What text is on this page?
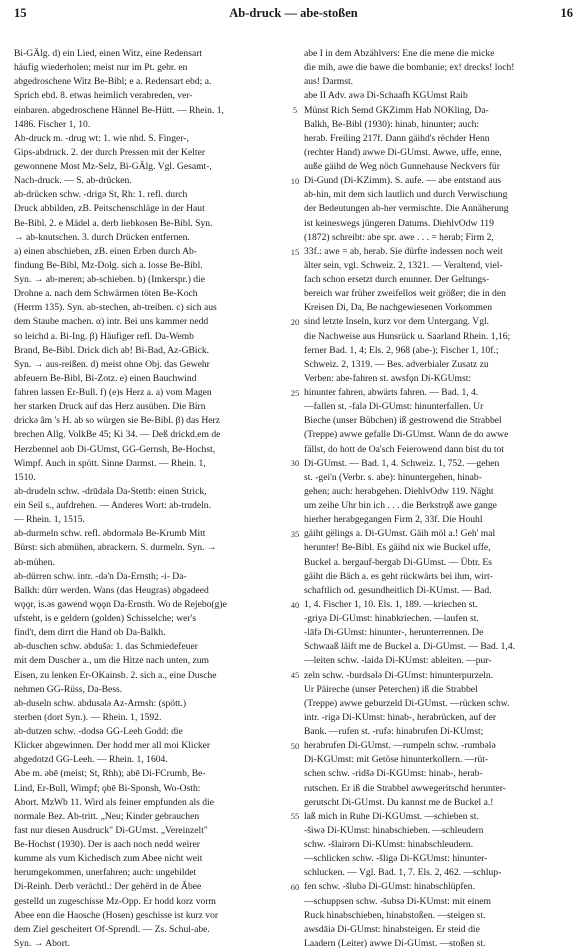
15	Ab-druck — abe-stoßen	16
Bi-GÄlg. d) ein Lied, einen Witz, eine Redensart
häufig wiederholen; meist nur im Pt. gebr. en
abgedroschene Witz Be-Bibl; e a. Redensart ebd; a.
Sprich ebd. 8. etwas heimlich verabreden, ver-
einbaren. abgedroschene Hännel Be-Hütt. — Rhein. 1,
1486. Fischer 1, 10.
Ab-druck m. -drug wt: 1. wie nhd. S. Finger-,
Gips-abdruck. 2. der durch Pressen mit der Kelter
gewonnene Most Mz-Selz, Bi-GÄlg. Vgl. Gesamt-,
Nach-druck. — S. ab-drücken.
ab-drücken schw. -drigə St, Rh: 1. refl. durch
Druck abbilden, zB. Peitschenschläge in der Haut
Be-Bibl. 2. e Mädel a. derb liebkosen Be-Bibl. Syn.
→ ab-knutschen. 3. durch Drücken entfernen.
a) einen abschieben, zB. einen Erben durch Ab-
findung Be-Bibl, Mz-Dolg. sich a. losse Be-Bibl.
Syn. → ab-meren; ab-schieben. b) (Imkerspr.) die
Drohne a. nach dem Schwärmen töten Be-Koch
(Herrm 135). Syn. ab-stechen, ab-treiben. c) sich aus
dem Staube machen. α) intr. Bei uns kammer nedd
so leichd a. Bi-Ing. β) Häufiger refl. Da-Wemb
Brand, Be-Bibl. Drick dich ab! Bi-Bad, Az-GBick.
Syn. → aus-reißen. d) meist ohne Obj. das Gewehr
abfeuern Be-Bibl, Bi-Zotz. e) einen Bauchwind
fahren lassen Er-Bull. f) (e)s Herz a. a) vom Magen
her starken Druck auf das Herz ausüben. Die Birn
drickə âm 's H. ab so würgen sie Be-Bibl. β) das Herz
brechen Allg. VolkBe 45; Ki 34. — Deß drickd.em de
Herzbennel aob Di-GUmst, GG-Gernsh, Be-Hochst,
Wimpf. Auch in spött. Sinne Darmst. — Rhein. 1,
1510.
ab-drudeln schw. -drūdələ Da-Stettb: einen Strick,
ein Seil s., aufdrehen. — Anderes Wort: ab-trudeln.
— Rhein. 1, 1515.
ab-durmeln schw. refl. əbdormələ Be-Krumb Mitt
Bürst: sich abmühen, abrackern. S. durmeln. Syn. →
ab-mühen.
ab-dürren schw. intr. -də'n Da-Ernsth; -i- Da-
Balkh: dürr werden. Wans (das Heugras) əbgədeed
wǫǫr, is.əs gəwend wǫǫn Da-Ernsth. Wo de Rejebo(g)e
ufsteht, is e geldern (golden) Schisselche; wer's
find't, dem dirrt die Hand ob Da-Balkh.
ab-duschen schw. əbdušə: 1. das Schmiedefeuer
mit dem Duscher a., um die Hitze nach unten, zum
Eisen, zu lenken Er-OKainsb. 2. sich a., eine Dusche
nehmen GG-Rüss, Da-Bess.
ab-duseln schw. abdusələ Az-Armsh: (spött.)
sterben (dort Syn.). — Rhein. 1, 1592.
ab-dutzen schw. -dodsə GG-Leeh Godd: die
Klicker abgewinnen. Der hodd mer all moi Klicker
abgedotzd GG-Leeh. — Rhein. 1, 1604.
Abe m. əbē (meist; St, Rhh); abē Di-FCrumb, Be-
Lind, Er-Bull, Wimpf; ǫbē Bi-Sponsh, Wo-Osth:
Abort. MzWb 11. Wird als feiner empfunden als die
normale Bez. Ab-tritt. „Neu; Kinder gebrauchen
fast nur diesen Ausdruck" Di-GUmst. „Vereinzelt"
Be-Hochst (1930). Der is aach noch nedd weirer
kumme als vum Kichedisch zum Abee nicht weit
herumgekommen, unerfahren; auch: ungebildet
Di-Reinh. Derb verächtl.: Der gehërd in de Ābee
gestelld un zugeschisse Mz-Opp. Er hodd korz vorm
Abee enn die Haosche (Hosen) geschisse ist kurz vor
dem Ziel gescheitert Of-Sprendl. — Zs. Schul-abe.
Syn. → Abort.
5
10
15
20
25
30
35
40
45
50
55
60
abe I in dem Abzählvers: Ene die mene die micke
die mih, awe die bawe die bombanie; ex! drecks! loch!
aus! Darmst.
abe II Adv. awə Di-Schaafh KGUmst Raib
Münst Rich Semd GKZimm Hab NOKling, Da-
Balkh, Be-Bibl (1930): hinab, hinunter; auch:
herab. Freiling 217f. Dann gäihd's rëchder Henn
(rechter Hand) awwe Di-GUmst. Awwe, uffe, enne,
auße gäihd de Weg nöch Gunnehause Neckvers für
Di-Gund (Di-KZimm). S. aufe. — abe entstand aus
ab-hin, mit dem sich lautlich und durch Verwischung
der Bedeutungen ab-her vermischte. Die Annäherung
ist keineswegs jüngeren Datums. DiehlvOdw 119
(1872) schreibt: abe spr. awe . . . = herab; Firm 2,
33f.: awe = ab, herab. Sie dürfte indessen noch weit
älter sein, vgl. Schweiz. 2, 1321. — Veraltend, viel-
fach schon ersetzt durch enunner. Der Geltungs-
bereich war früher zweifellos weit größer; die in den
Kreisen Di, Da, Be nachgewiesenen Vorkommen
sind letzte Inseln, kurz vor dem Untergang. Vgl.
die Nachweise aus Hunsrück u. Saarland Rhein. 1,16;
ferner Bad. 1, 4; Els. 2, 968 (abe-); Fischer 1, 10f.;
Schweiz. 2, 1319. — Bes. adverbialer Zusatz zu
Verben: abe-fahren st. awsfǫn Di-KGUmst:
hinunter fahren, abwärts fahren. — Bad. 1, 4.
—fallen st. -falə Di-GUmst: hinunterfallen. Ur
Bieche (unser Bübchen) iß gestrowend die Strabbel
(Treppe) awwe gefalle Di-GUmst. Wann de do awwe
fällst, do hott de Oa'sch Feierowend dann bist du tot
Di-GUmst. — Bad. 1, 4. Schweiz. 1, 752. —gehen
st. -gei'n (Verbr. s. abe): hinuntergehen, hinab-
gehen; auch: herabgehen. DiehlvOdw 119. Näght
um zeihe Uhr bin ich . . . die Berkstrǫß awe gange
hierher herabgegangen Firm 2, 33f. Die Houhl
gäiht gëlings a. Di-GUmst. Gäih möl a.! Geh' mal
herunter! Be-Bibl. Es gäihd nix wie Buckel uffe,
Buckel a. bergauf-bergab Di-GUmst. — Übtr. Es
gäiht die Bäch a. es geht rückwärts bei ihm, wirt-
schaftlich od. gesundheitlich Di-KUmst. — Bad.
1, 4. Fischer 1, 10. Els. 1, 189. —kriechen st.
-griyə Di-GUmst: hinabkriechen. —laufen st.
-lāfə Di-GUmst: hinunter-, herunterrennen. De
Schwaaß läift me de Buckel a. Di-GUmst. — Bad. 1,4.
—leiten schw. -laidə Di-KUmst: ableiten. —pur-
zeln schw. -burdsələ Di-GUmst: hinunterpurzeln.
Ur Päireche (unser Peterchen) iß die Strabbel
(Treppe) awwe geburzeld Di-GUmst. —rücken schw.
intr. -rigə Di-KUmst: hinab-, herabrücken, auf der
Bank. —rufen st. -rufə: hinabrufen Di-KUmst;
herabrufen Di-GUmst. —rumpeln schw. -rumbələ
Di-KGUmst: mit Getöse hinunterkollern. —rüt-
schen schw. -ridšə Di-KGUmst: hinab-, herab-
rutschen. Er iß die Strabbel awwegeritschd herunter-
gerutscht Di-GUmst. Du kannst me de Buckel a.!
laß mich in Ruhe Di-KGUmst. —schieben st.
-šiwə Di-KUmst: hinabschieben. —schleudern
schw. -šlairərn Di-KUmst: hinabschleudern.
—schlicken schw. -šligə Di-KGUmst: hinunter-
schlucken. — Vgl. Bad. 1, 7. Els. 2, 462. —schlup-
fen schw. -šlubə Di-GUmst: hinabschlüpfen.
—schuppsen schw. -šubsə Di-KUmst: mit einem
Ruck hinabschieben, hinabstoßen. —steigen st.
awsdāiə Di-GUmst: hinabsteigen. Er steid die
Laadern (Leiter) awwe Di-GUmst. —stoßen st.
